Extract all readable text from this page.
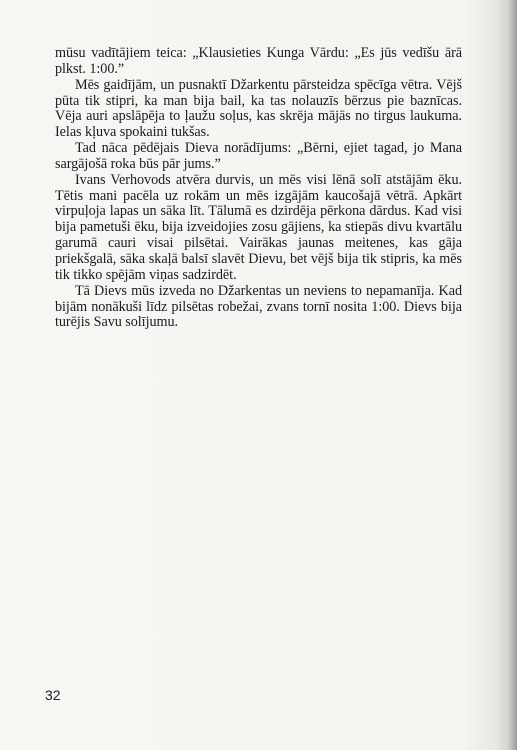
mūsu vadītājiem teica: „Klausieties Kunga Vārdu: „Es jūs vedīšu ārā plkst. 1:00.”

Mēs gaidījām, un pusnaktī Džarkentu pārsteidza spēcīga vētra. Vējš pūta tik stipri, ka man bija bail, ka tas nolauzīs bērzus pie baznīcas. Vēja auri apslāpēja to ļaužu soļus, kas skrēja mājās no tirgus laukuma. Ielas kļuva spokaini tukšas.

Tad nāca pēdējais Dieva norādījums: „Bērni, ejiet tagad, jo Mana sargājošā roka būs pār jums.”

Ivans Verhovods atvēra durvis, un mēs visi lēnā solī atstājām ēku. Tētis mani pacēla uz rokām un mēs izgājām kaucošajā vētrā. Apkārt virpuļoja lapas un sāka līt. Tālumā es dzirdēja pērkona dārdus. Kad visi bija pametuši ēku, bija izveidojies zosu gājiens, ka stiepās divu kvartālu garumā cauri visai pilsētai. Vairākas jaunas meitenes, kas gāja priekšgalā, sāka skaļā balsī slavēt Dievu, bet vējš bija tik stipris, ka mēs tik tikko spējām viņas sadzirdēt.

Tā Dievs mūs izveda no Džarkentas un neviens to nepamanīja. Kad bijām nonākuši līdz pilsētas robežai, zvans tornī nosita 1:00. Dievs bija turējis Savu solījumu.

32
